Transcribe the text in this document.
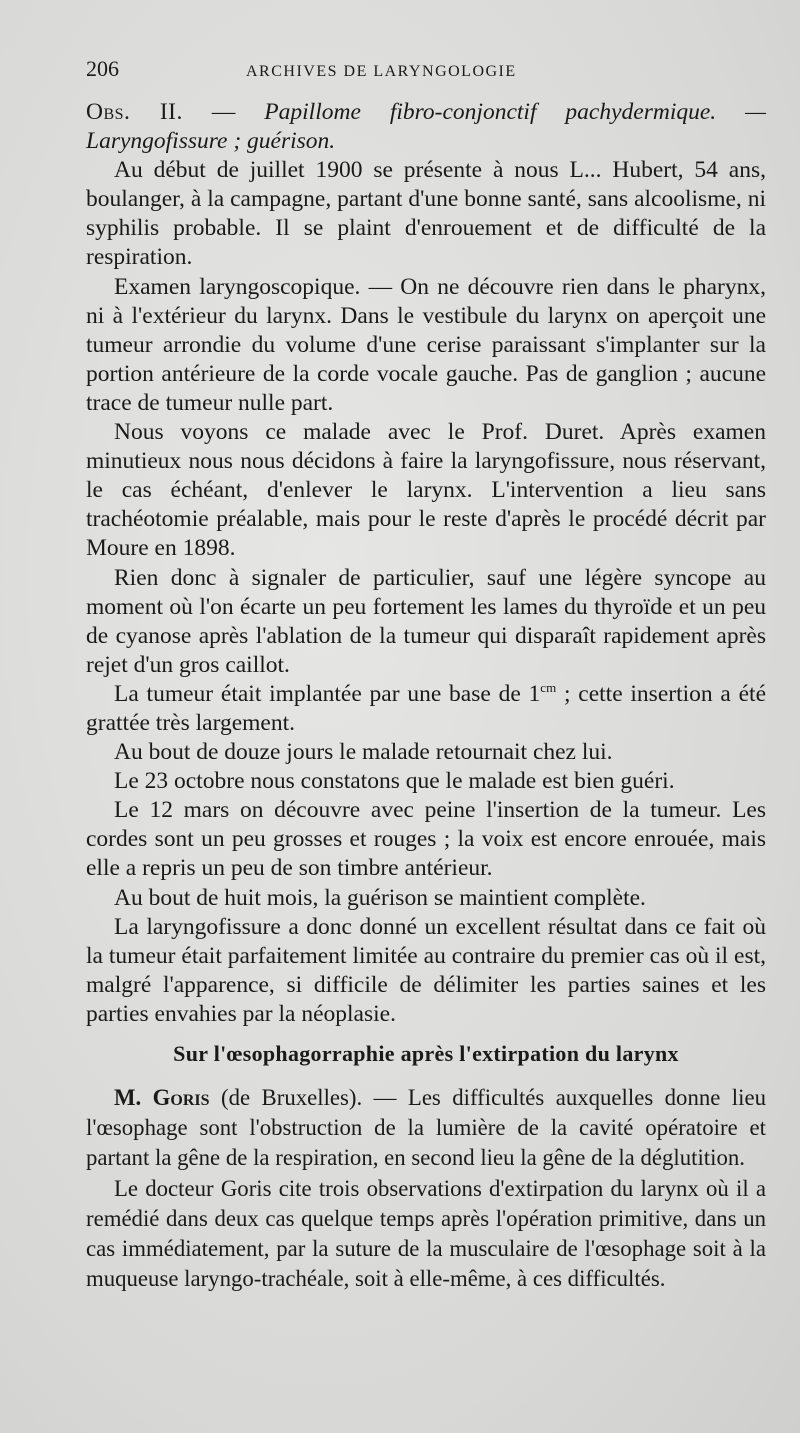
206	ARCHIVES DE LARYNGOLOGIE

Obs. II. — Papillome fibro-conjonctif pachydermique. — Laryngofissure ; guérison.

Au début de juillet 1900 se présente à nous L... Hubert, 54 ans, boulanger, à la campagne, partant d'une bonne santé, sans alcoolisme, ni syphilis probable. Il se plaint d'enrouement et de difficulté de la respiration.

Examen laryngoscopique. — On ne découvre rien dans le pharynx, ni à l'extérieur du larynx. Dans le vestibule du larynx on aperçoit une tumeur arrondie du volume d'une cerise paraissant s'implanter sur la portion antérieure de la corde vocale gauche. Pas de ganglion ; aucune trace de tumeur nulle part.

Nous voyons ce malade avec le Prof. Duret. Après examen minutieux nous nous décidons à faire la laryngofissure, nous réservant, le cas échéant, d'enlever le larynx. L'intervention a lieu sans trachéotomie préalable, mais pour le reste d'après le procédé décrit par Moure en 1898.

Rien donc à signaler de particulier, sauf une légère syncope au moment où l'on écarte un peu fortement les lames du thyroïde et un peu de cyanose après l'ablation de la tumeur qui disparaît rapidement après rejet d'un gros caillot.

La tumeur était implantée par une base de $1^{cm}$ ; cette insertion a été grattée très largement.

Au bout de douze jours le malade retournait chez lui.

Le 23 octobre nous constatons que le malade est bien guéri.

Le 12 mars on découvre avec peine l'insertion de la tumeur. Les cordes sont un peu grosses et rouges ; la voix est encore enrouée, mais elle a repris un peu de son timbre antérieur.

Au bout de huit mois, la guérison se maintient complète.

La laryngofissure a donc donné un excellent résultat dans ce fait où la tumeur était parfaitement limitée au contraire du premier cas où il est, malgré l'apparence, si difficile de délimiter les parties saines et les parties envahies par la néoplasie.

Sur l'œsophagorraphie après l'extirpation du larynx

M. Goris (de Bruxelles). — Les difficultés auxquelles donne lieu l'œsophage sont l'obstruction de la lumière de la cavité opératoire et partant la gêne de la respiration, en second lieu la gêne de la déglutition.

Le docteur Goris cite trois observations d'extirpation du larynx où il a remédié dans deux cas quelque temps après l'opération primitive, dans un cas immédiatement, par la suture de la musculaire de l'œsophage soit à la muqueuse laryngo-trachéale, soit à elle-même, à ces difficultés.
